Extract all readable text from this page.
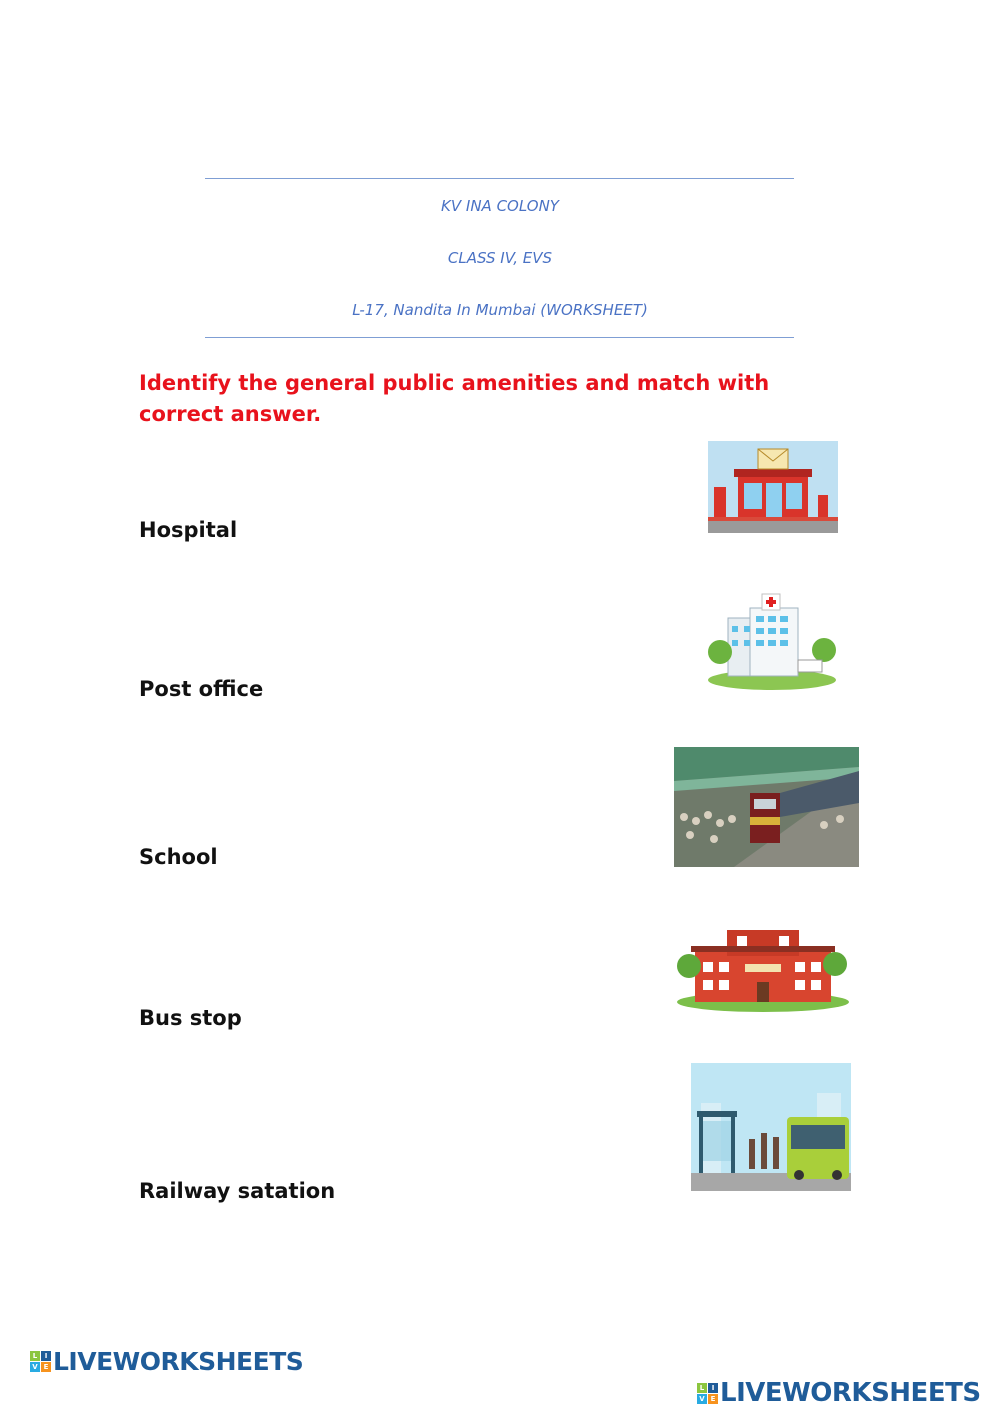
KV INA COLONY
CLASS IV, EVS
L-17, Nandita In Mumbai (WORKSHEET)
Identify the general public amenities and match with correct answer.
Hospital
Post office
School
Bus stop
Railway satation
L	I
V E LIVEWORKSHEETS
L	I
V E LIVEWORKSHEETS
